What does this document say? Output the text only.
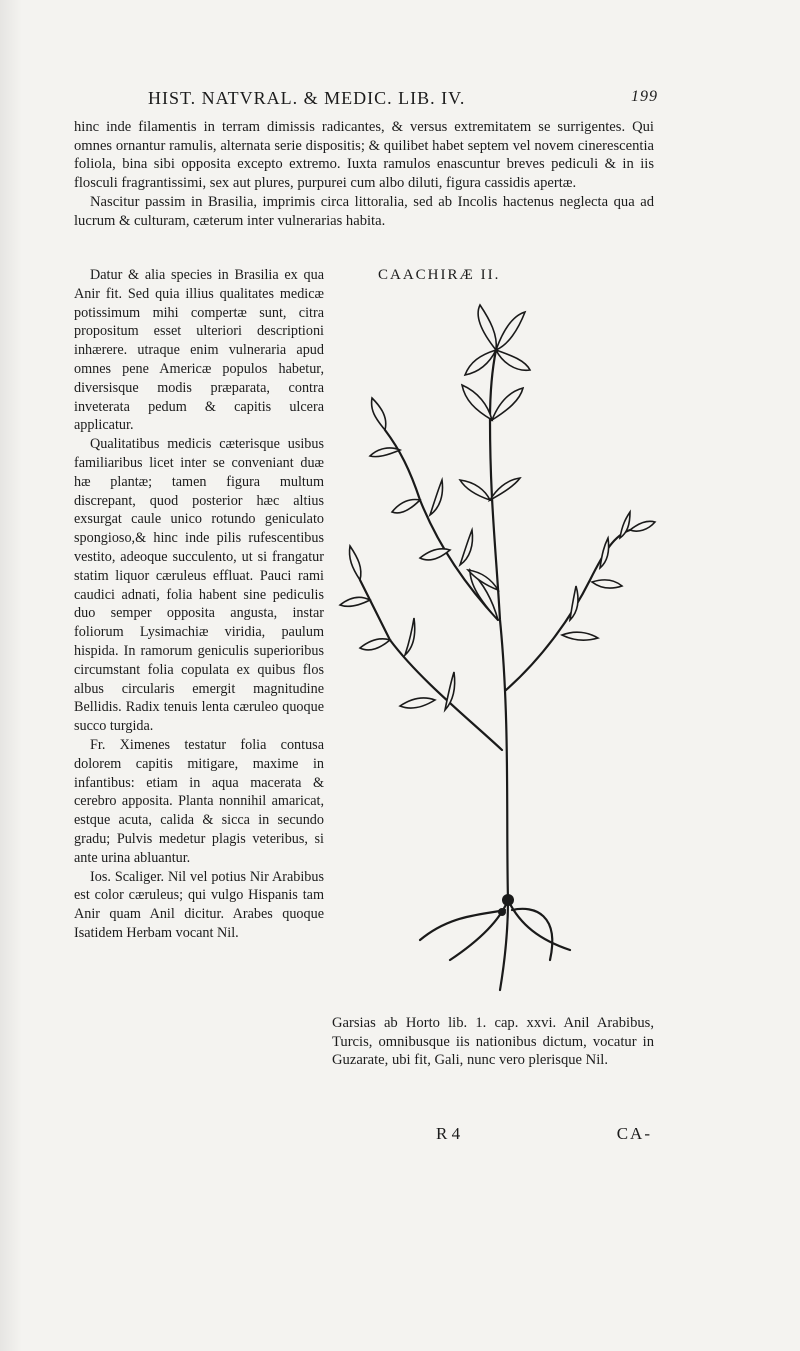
HIST. NATVRAL. & MEDIC. LIB. IV.	199

hinc inde filamentis in terram dimissis radicantes, & versus extremitatem se surrigentes. Qui omnes ornantur ramulis, alternata serie dispositis; & quilibet habet septem vel novem cinerescentia foliola, bina sibi opposita excepto extremo. Iuxta ramulos enascuntur breves pediculi & in iis flosculi fragrantissimi, sex aut plures, purpurei cum albo diluti, figura cassidis apertæ.

Nascitur passim in Brasilia, imprimis circa littoralia, sed ab Incolis hactenus neglecta qua ad lucrum & culturam, cæterum inter vulnerarias habita.

Datur & alia species in Brasilia ex qua Anir fit. Sed quia illius qualitates medicæ potissimum mihi compertæ sunt, citra propositum esset ulteriori descriptioni inhærere. utraque enim vulneraria apud omnes pene Americæ populos habetur, diversisque modis præparata, contra inveterata pedum & capitis ulcera applicatur.

Qualitatibus medicis cæterisque usibus familiaribus licet inter se conveniant duæ hæ plantæ; tamen figura multum discrepant, quod posterior hæc altius exsurgat caule unico rotundo geniculato spongioso,& hinc inde pilis rufescentibus vestito, adeoque succulento, ut si frangatur statim liquor cæruleus effluat. Pauci rami caudici adnati, folia habent sine pediculis duo semper opposita angusta, instar foliorum Lysimachiæ viridia, paulum hispida. In ramorum geniculis superioribus circumstant folia copulata ex quibus flos albus circularis emergit magnitudine Bellidis. Radix tenuis lenta cæruleo quoque succo turgida.

Fr. Ximenes testatur folia contusa dolorem capitis mitigare, maxime in infantibus: etiam in aqua macerata & cerebro apposita. Planta nonnihil amaricat, estque acuta, calida & sicca in secundo gradu; Pulvis medetur plagis veteribus, si ante urina abluantur.

Ios. Scaliger. Nil vel potius Nir Arabibus est color cæruleus; qui vulgo Hispanis tam Anir quam Anil dicitur. Arabes quoque Isatidem Herbam vocant Nil.

CAACHIRÆ II.

Garsias ab Horto lib. 1. cap. xxvi. Anil Arabibus, Turcis, omnibusque iis nationibus dictum, vocatur in Guzarate, ubi fit, Gali, nunc vero plerisque Nil.

R 4	CA-
